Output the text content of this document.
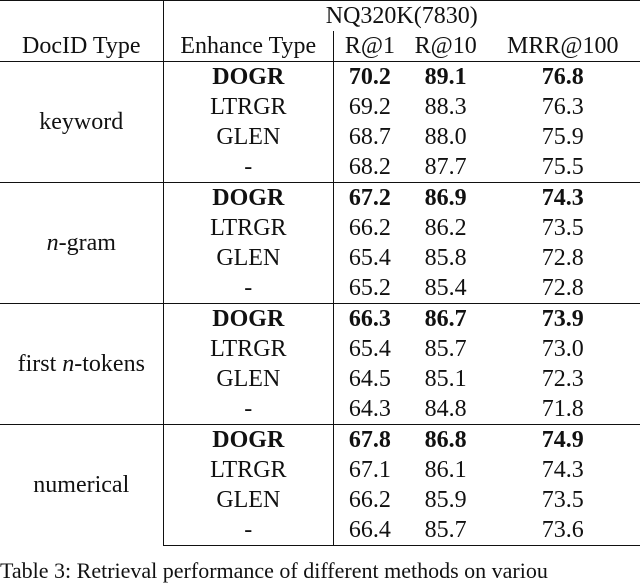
	NQ320K(7830)			
DocID Type	Enhance Type	R@1	R@10	MRR@100
keyword	DOGR	70.2	89.1	76.8
	LTRGR	69.2	88.3	76.3
	GLEN	68.7	88.0	75.9
	-	68.2	87.7	75.5
n-gram	DOGR	67.2	86.9	74.3
	LTRGR	66.2	86.2	73.5
	GLEN	65.4	85.8	72.8
	-	65.2	85.4	72.8
first n-tokens	DOGR	66.3	86.7	73.9
	LTRGR	65.4	85.7	73.0
	GLEN	64.5	85.1	72.3
	-	64.3	84.8	71.8
numerical	DOGR	67.8	86.8	74.9
	LTRGR	67.1	86.1	74.3
	GLEN	66.2	85.9	73.5
	-	66.4	85.7	73.6
Table 3: Retrieval performance of different methods on variou
